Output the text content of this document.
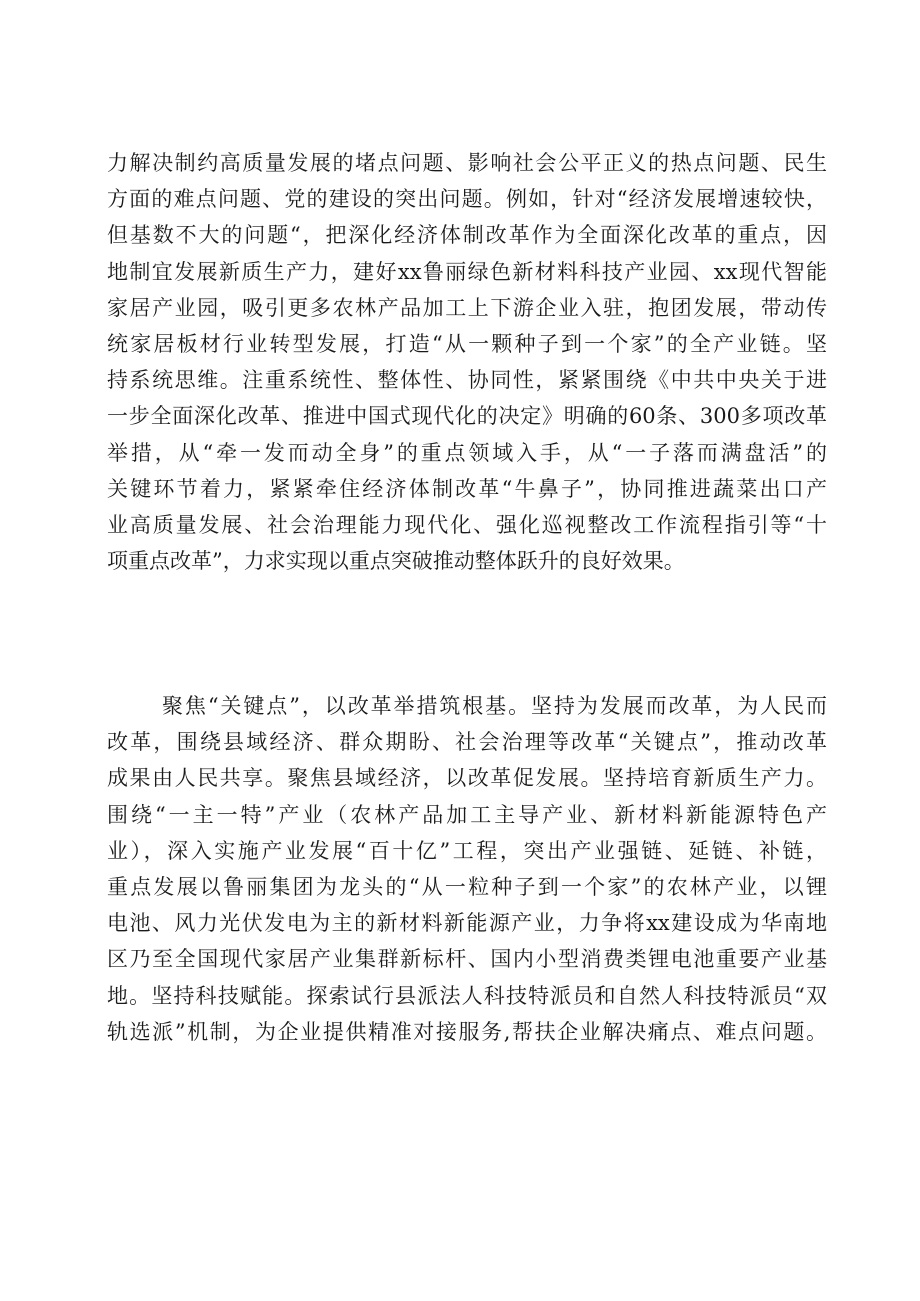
力解决制约高质量发展的堵点问题、影响社会公平正义的热点问题、民生
方面的难点问题、党的建设的突出问题。例如，针对“经济发展增速较快，
但基数不大的问题“，把深化经济体制改革作为全面深化改革的重点，因
地制宜发展新质生产力，建好xx鲁丽绿色新材料科技产业园、xx现代智能
家居产业园，吸引更多农林产品加工上下游企业入驻，抱团发展，带动传
统家居板材行业转型发展，打造“从一颗种子到一个家”的全产业链。坚
持系统思维。注重系统性、整体性、协同性，紧紧围绕《中共中央关于进
一步全面深化改革、推进中国式现代化的决定》明确的60条、300多项改革
举措，从“牵一发而动全身”的重点领域入手，从“一子落而满盘活”的
关键环节着力，紧紧牵住经济体制改革“牛鼻子”，协同推进蔬菜出口产
业高质量发展、社会治理能力现代化、强化巡视整改工作流程指引等“十
项重点改革”，力求实现以重点突破推动整体跃升的良好效果。
聚焦“关键点”，以改革举措筑根基。坚持为发展而改革，为人民而
改革，围绕县域经济、群众期盼、社会治理等改革“关键点”，推动改革
成果由人民共享。聚焦县域经济，以改革促发展。坚持培育新质生产力。
围绕“一主一特”产业（农林产品加工主导产业、新材料新能源特色产
业），深入实施产业发展“百十亿”工程，突出产业强链、延链、补链，
重点发展以鲁丽集团为龙头的“从一粒种子到一个家”的农林产业，以锂
电池、风力光伏发电为主的新材料新能源产业，力争将xx建设成为华南地
区乃至全国现代家居产业集群新标杆、国内小型消费类锂电池重要产业基
地。坚持科技赋能。探索试行县派法人科技特派员和自然人科技特派员“双
轨选派”机制，为企业提供精准对接服务,帮扶企业解决痛点、难点问题。
